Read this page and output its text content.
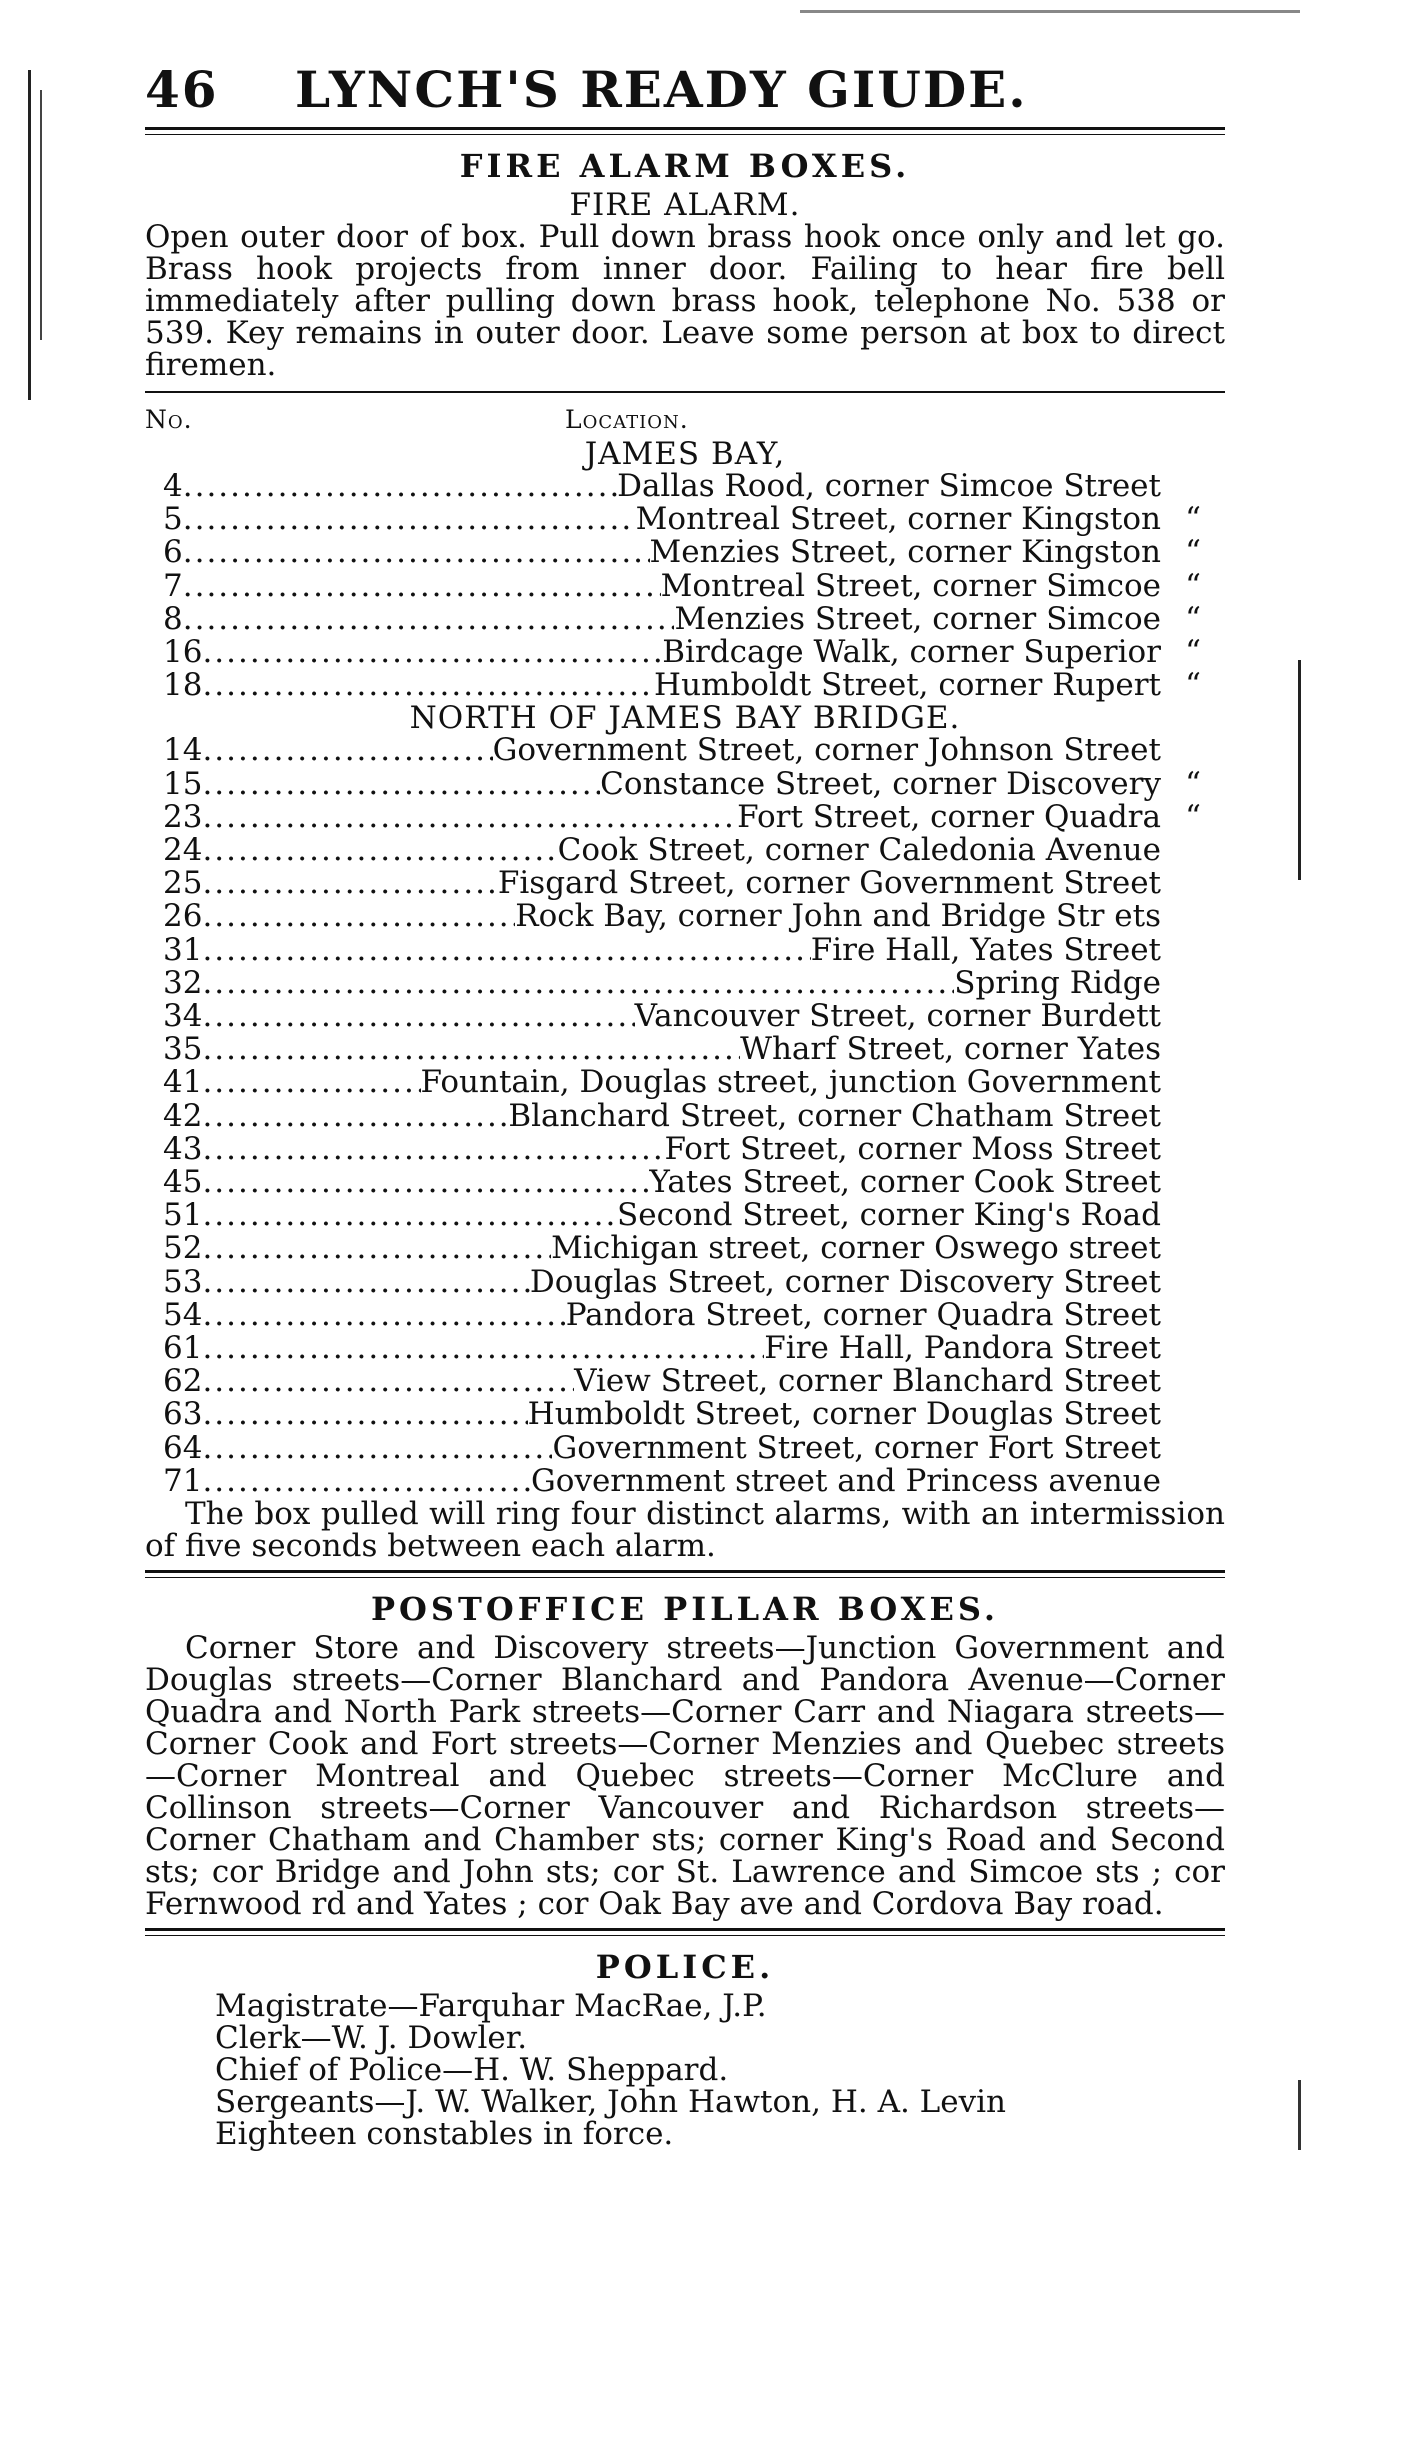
46	LYNCH'S READY GIUDE.
FIRE ALARM BOXES.
FIRE ALARM.

Open outer door of box. Pull down brass hook once only and let go. Brass hook projects from inner door. Failing to hear fire bell immediately after pulling down brass hook, telephone No. 538 or 539. Key remains in outer door. Leave some person at box to direct firemen.

No.	Location.
JAMES BAY,
4 .....	Dallas Rood, corner Simcoe Street
5 .....	Montreal Street, corner Kingston “
6 .....	Menzies Street, corner Kingston “
7 .....	Montreal Street, corner Simcoe “
8 .....	Menzies Street, corner Simcoe “
16 .....	Birdcage Walk, corner Superior “
18 .....	Humboldt Street, corner Rupert “
NORTH OF JAMES BAY BRIDGE.
14 .....	Government Street, corner Johnson Street
15 .....	Constance Street, corner Discovery “
23 .....	Fort Street, corner Quadra “
24 .....	Cook Street, corner Caledonia Avenue
25 .....	Fisgard Street, corner Government Street
26 .....	Rock Bay, corner John and Bridge Str ets
31 .....	Fire Hall, Yates Street
32 .....	Spring Ridge
34 .....	Vancouver Street, corner Burdett
35 .....	Wharf Street, corner Yates
41 .....	Fountain, Douglas street, junction Government
42 .....	Blanchard Street, corner Chatham Street
43 .....	Fort Street, corner Moss Street
45 .....	Yates Street, corner Cook Street
51 .....	Second Street, corner King's Road
52 .....	Michigan street, corner Oswego street
53 .....	Douglas Street, corner Discovery Street
54 .....	Pandora Street, corner Quadra Street
61 .....	Fire Hall, Pandora Street
62 .....	View Street, corner Blanchard Street
63 .....	Humboldt Street, corner Douglas Street
64 .....	Government Street, corner Fort Street
71 .....	Government street and Princess avenue

The box pulled will ring four distinct alarms, with an intermission of five seconds between each alarm.

POSTOFFICE PILLAR BOXES.

Corner Store and Discovery streets—Junction Government and Douglas streets—Corner Blanchard and Pandora Avenue—Corner Quadra and North Park streets—Corner Carr and Niagara streets—Corner Cook and Fort streets—Corner Menzies and Quebec streets—Corner Montreal and Quebec streets—Corner McClure and Collinson streets—Corner Vancouver and Richardson streets—Corner Chatham and Chamber sts; corner King's Road and Second sts; cor Bridge and John sts; cor St. Lawrence and Simcoe sts ; cor Fernwood rd and Yates ; cor Oak Bay ave and Cordova Bay road.

POLICE.
Magistrate—Farquhar MacRae, J.P.
Clerk—W. J. Dowler.
Chief of Police—H. W. Sheppard.
Sergeants—J. W. Walker, John Hawton, H. A. Levin
Eighteen constables in force.
